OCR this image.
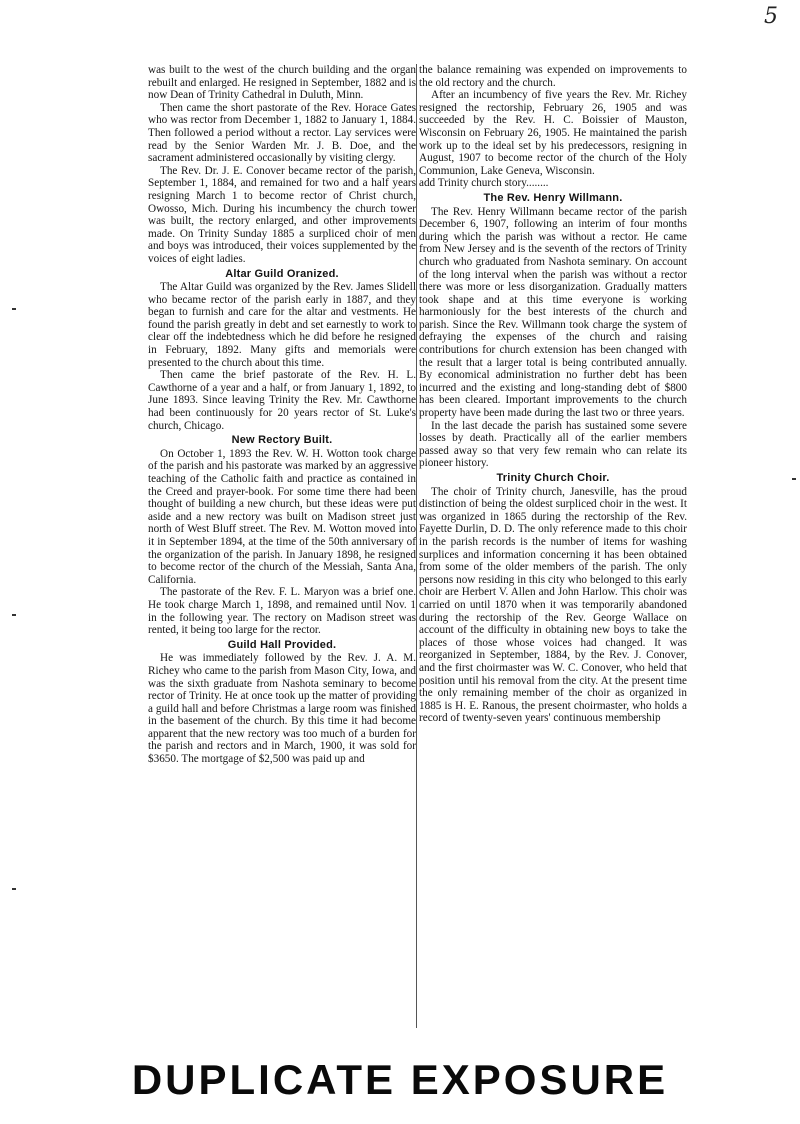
5

was built to the west of the church building and the organ rebuilt and enlarged. He resigned in September, 1882 and is now Dean of Trinity Cathedral in Duluth, Minn.

Then came the short pastorate of the Rev. Horace Gates who was rector from December 1, 1882 to January 1, 1884. Then followed a period without a rector. Lay services were read by the Senior Warden Mr. J. B. Doe, and the sacrament administered occasionally by visiting clergy.

The Rev. Dr. J. E. Conover became rector of the parish, September 1, 1884, and remained for two and a half years resigning March 1 to become rector of Christ church, Owosso, Mich. During his incumbency the church tower was built, the rectory enlarged, and other improvements made. On Trinity Sunday 1885 a surpliced choir of men and boys was introduced, their voices supplemented by the voices of eight ladies.

Altar Guild Oranized.

The Altar Guild was organized by the Rev. James Slidell who became rector of the parish early in 1887, and they began to furnish and care for the altar and vestments. He found the parish greatly in debt and set earnestly to work to clear off the indebtedness which he did before he resigned in February, 1892. Many gifts and memorials were presented to the church about this time.

Then came the brief pastorate of the Rev. H. L. Cawthorne of a year and a half, or from January 1, 1892, to June 1893. Since leaving Trinity the Rev. Mr. Cawthorne had been continuously for 20 years rector of St. Luke's church, Chicago.

New Rectory Built.

On October 1, 1893 the Rev. W. H. Wotton took charge of the parish and his pastorate was marked by an aggressive teaching of the Catholic faith and practice as contained in the Creed and prayer-book. For some time there had been thought of building a new church, but these ideas were put aside and a new rectory was built on Madison street just north of West Bluff street. The Rev. M. Wotton moved into it in September 1894, at the time of the 50th anniversary of the organization of the parish. In January 1898, he resigned to become rector of the church of the Messiah, Santa Ana, California.

The pastorate of the Rev. F. L. Maryon was a brief one. He took charge March 1, 1898, and remained until Nov. 1 in the following year. The rectory on Madison street was rented, it being too large for the rector.

Guild Hall Provided.

He was immediately followed by the Rev. J. A. M. Richey who came to the parish from Mason City, Iowa, and was the sixth graduate from Nashota seminary to become rector of Trinity. He at once took up the matter of providing a guild hall and before Christmas a large room was finished in the basement of the church. By this time it had become apparent that the new rectory was too much of a burden for the parish and rectors and in March, 1900, it was sold for $3650. The mortgage of $2,500 was paid up and

the balance remaining was expended on improvements to the old rectory and the church.

After an incumbency of five years the Rev. Mr. Richey resigned the rectorship, February 26, 1905 and was succeeded by the Rev. H. C. Boissier of Mauston, Wisconsin on February 26, 1905. He maintained the parish work up to the ideal set by his predecessors, resigning in August, 1907 to become rector of the church of the Holy Communion, Lake Geneva, Wisconsin.

add Trinity church story........

The Rev. Henry Willmann.

The Rev. Henry Willmann became rector of the parish December 6, 1907, following an interim of four months during which the parish was without a rector. He came from New Jersey and is the seventh of the rectors of Trinity church who graduated from Nashota seminary. On account of the long interval when the parish was without a rector there was more or less disorganization. Gradually matters took shape and at this time everyone is working harmoniously for the best interests of the church and parish. Since the Rev. Willmann took charge the system of defraying the expenses of the church and raising contributions for church extension has been changed with the result that a larger total is being contributed annually. By economical administration no further debt has been incurred and the existing and long-standing debt of $800 has been cleared. Important improvements to the church property have been made during the last two or three years.

In the last decade the parish has sustained some severe losses by death. Practically all of the earlier members passed away so that very few remain who can relate its pioneer history.

Trinity Church Choir.

The choir of Trinity church, Janesville, has the proud distinction of being the oldest surpliced choir in the west. It was organized in 1865 during the rectorship of the Rev. Fayette Durlin, D. D. The only reference made to this choir in the parish records is the number of items for washing surplices and information concerning it has been obtained from some of the older members of the parish. The only persons now residing in this city who belonged to this early choir are Herbert V. Allen and John Harlow. This choir was carried on until 1870 when it was temporarily abandoned during the rectorship of the Rev. George Wallace on account of the difficulty in obtaining new boys to take the places of those whose voices had changed. It was reorganized in September, 1884, by the Rev. J. Conover, and the first choirmaster was W. C. Conover, who held that position until his removal from the city. At the present time the only remaining member of the choir as organized in 1885 is H. E. Ranous, the present choirmaster, who holds a record of twenty-seven years' continuous membership

DUPLICATE EXPOSURE
